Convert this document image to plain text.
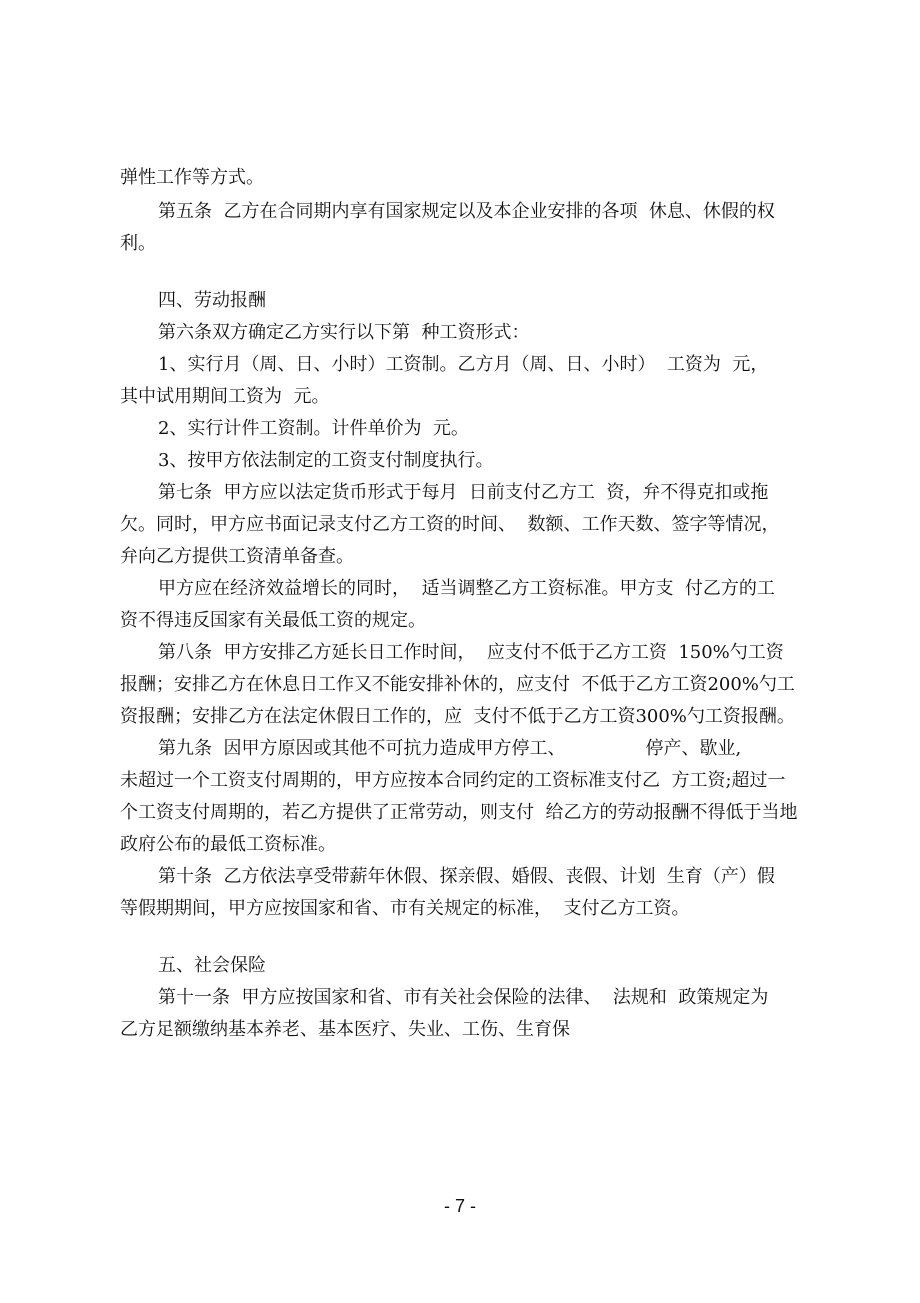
弹性工作等方式。
第五条  乙方在合同期内享有国家规定以及本企业安排的各项  休息、休假的权
利。
四、劳动报酬
第六条双方确定乙方实行以下第  种工资形式：
1、实行月（周、日、小时）工资制。乙方月（周、日、小时）  工资为  元，
其中试用期间工资为  元。
2、实行计件工资制。计件单价为  元。
3、按甲方依法制定的工资支付制度执行。
第七条  甲方应以法定货币形式于每月  日前支付乙方工  资，弁不得克扣或拖
欠。同时，甲方应书面记录支付乙方工资的时间、  数额、工作天数、签字等情况，
弁向乙方提供工资清单备查。
甲方应在经济效益增长的同时，  适当调整乙方工资标准。甲方支  付乙方的工
资不得违反国家有关最低工资的规定。
第八条  甲方安排乙方延长日工作时间，  应支付不低于乙方工资  150%勺工资
报酬；安排乙方在休息日工作又不能安排补休的，应支付  不低于乙方工资200%勺工
资报酬；安排乙方在法定休假日工作的，应  支付不低于乙方工资300%勺工资报酬。
第九条  因甲方原因或其他不可抗力造成甲方停工、              停产、歇业,
未超过一个工资支付周期的，甲方应按本合同约定的工资标准支付乙  方工资;超过一
个工资支付周期的，若乙方提供了正常劳动，则支付  给乙方的劳动报酬不得低于当地
政府公布的最低工资标准。
第十条  乙方依法享受带薪年休假、探亲假、婚假、丧假、计划  生育（产）假
等假期期间，甲方应按国家和省、市有关规定的标准，  支付乙方工资。
五、社会保险
第十一条  甲方应按国家和省、市有关社会保险的法律、  法规和  政策规定为
乙方足额缴纳基本养老、基本医疗、失业、工伤、生育保
- 7 -
